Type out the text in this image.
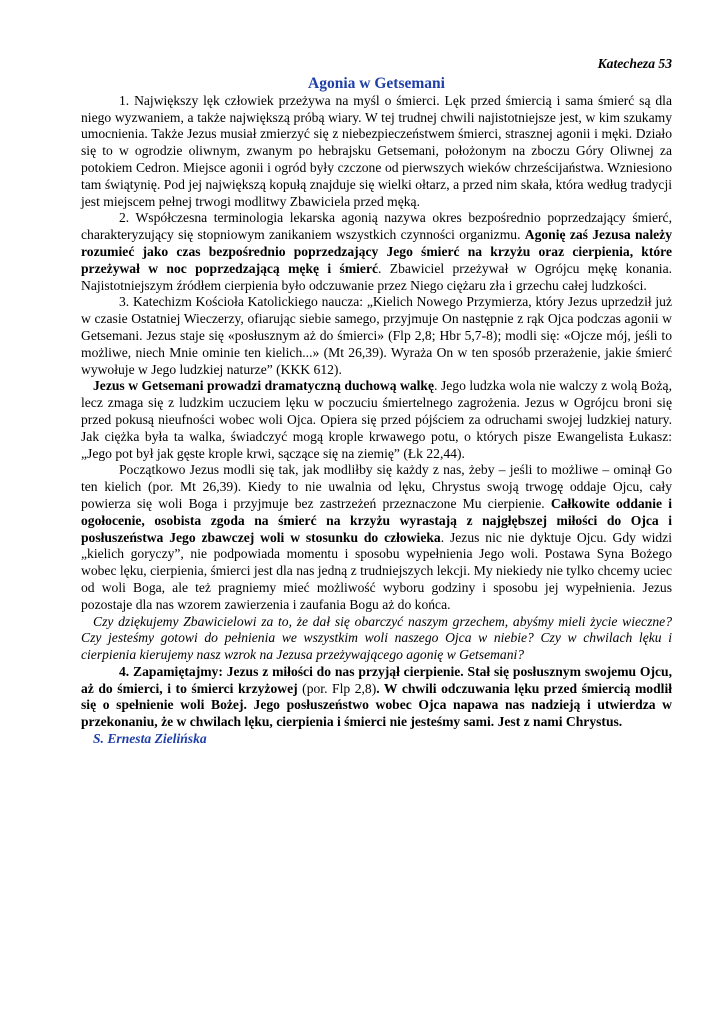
Katecheza 53

Agonia w Getsemani

1. Największy lęk człowiek przeżywa na myśl o śmierci. Lęk przed śmiercią i sama śmierć są dla niego wyzwaniem, a także największą próbą wiary. W tej trudnej chwili najistotniejsze jest, w kim szukamy umocnienia. Także Jezus musiał zmierzyć się z niebezpieczeństwem śmierci, strasznej agonii i męki. Działo się to w ogrodzie oliwnym, zwanym po hebrajsku Getsemani, położonym na zboczu Góry Oliwnej za potokiem Cedron. Miejsce agonii i ogród były czczone od pierwszych wieków chrześcijaństwa. Wzniesiono tam świątynię. Pod jej największą kopułą znajduje się wielki ołtarz, a przed nim skała, która według tradycji jest miejscem pełnej trwogi modlitwy Zbawiciela przed męką.

2. Współczesna terminologia lekarska agonią nazywa okres bezpośrednio poprzedzający śmierć, charakteryzujący się stopniowym zanikaniem wszystkich czynności organizmu. Agonię zaś Jezusa należy rozumieć jako czas bezpośrednio poprzedzający Jego śmierć na krzyżu oraz cierpienia, które przeżywał w noc poprzedzającą mękę i śmierć. Zbawiciel przeżywał w Ogrójcu mękę konania. Najistotniejszym źródłem cierpienia było odczuwanie przez Niego ciężaru zła i grzechu całej ludzkości.

3. Katechizm Kościoła Katolickiego naucza: „Kielich Nowego Przymierza, który Jezus uprzedził już w czasie Ostatniej Wieczerzy, ofiarując siebie samego, przyjmuje On następnie z rąk Ojca podczas agonii w Getsemani. Jezus staje się «posłusznym aż do śmierci» (Flp 2,8; Hbr 5,7-8); modli się: «Ojcze mój, jeśli to możliwe, niech Mnie ominie ten kielich...» (Mt 26,39). Wyraża On w ten sposób przerażenie, jakie śmierć wywołuje w Jego ludzkiej naturze” (KKK 612).

Jezus w Getsemani prowadzi dramatyczną duchową walkę. Jego ludzka wola nie walczy z wolą Bożą, lecz zmaga się z ludzkim uczuciem lęku w poczuciu śmiertelnego zagrożenia. Jezus w Ogrójcu broni się przed pokusą nieufności wobec woli Ojca. Opiera się przed pójściem za odruchami swojej ludzkiej natury. Jak ciężka była ta walka, świadczyć mogą krople krwawego potu, o których pisze Ewangelista Łukasz: „Jego pot był jak gęste krople krwi, sączące się na ziemię” (Łk 22,44).

Początkowo Jezus modli się tak, jak modliłby się każdy z nas, żeby – jeśli to możliwe – ominął Go ten kielich (por. Mt 26,39). Kiedy to nie uwalnia od lęku, Chrystus swoją trwogę oddaje Ojcu, cały powierza się woli Boga i przyjmuje bez zastrzeżeń przeznaczone Mu cierpienie. Całkowite oddanie i ogołocenie, osobista zgoda na śmierć na krzyżu wyrastają z najgłębszej miłości do Ojca i posłuszeństwa Jego zbawczej woli w stosunku do człowieka. Jezus nic nie dyktuje Ojcu. Gdy widzi „kielich goryczy”, nie podpowiada momentu i sposobu wypełnienia Jego woli. Postawa Syna Bożego wobec lęku, cierpienia, śmierci jest dla nas jedną z trudniejszych lekcji. My niekiedy nie tylko chcemy uciec od woli Boga, ale też pragniemy mieć możliwość wyboru godziny i sposobu jej wypełnienia. Jezus pozostaje dla nas wzorem zawierzenia i zaufania Bogu aż do końca.

Czy dziękujemy Zbawicielowi za to, że dał się obarczyć naszym grzechem, abyśmy mieli życie wieczne? Czy jesteśmy gotowi do pełnienia we wszystkim woli naszego Ojca w niebie? Czy w chwilach lęku i cierpienia kierujemy nasz wzrok na Jezusa przeżywającego agonię w Getsemani?

4. Zapamiętajmy: Jezus z miłości do nas przyjął cierpienie. Stał się posłusznym swojemu Ojcu, aż do śmierci, i to śmierci krzyżowej (por. Flp 2,8). W chwili odczuwania lęku przed śmiercią modlił się o spełnienie woli Bożej. Jego posłuszeństwo wobec Ojca napawa nas nadzieją i utwierdza w przekonaniu, że w chwilach lęku, cierpienia i śmierci nie jesteśmy sami. Jest z nami Chrystus.

S. Ernesta Zielińska
